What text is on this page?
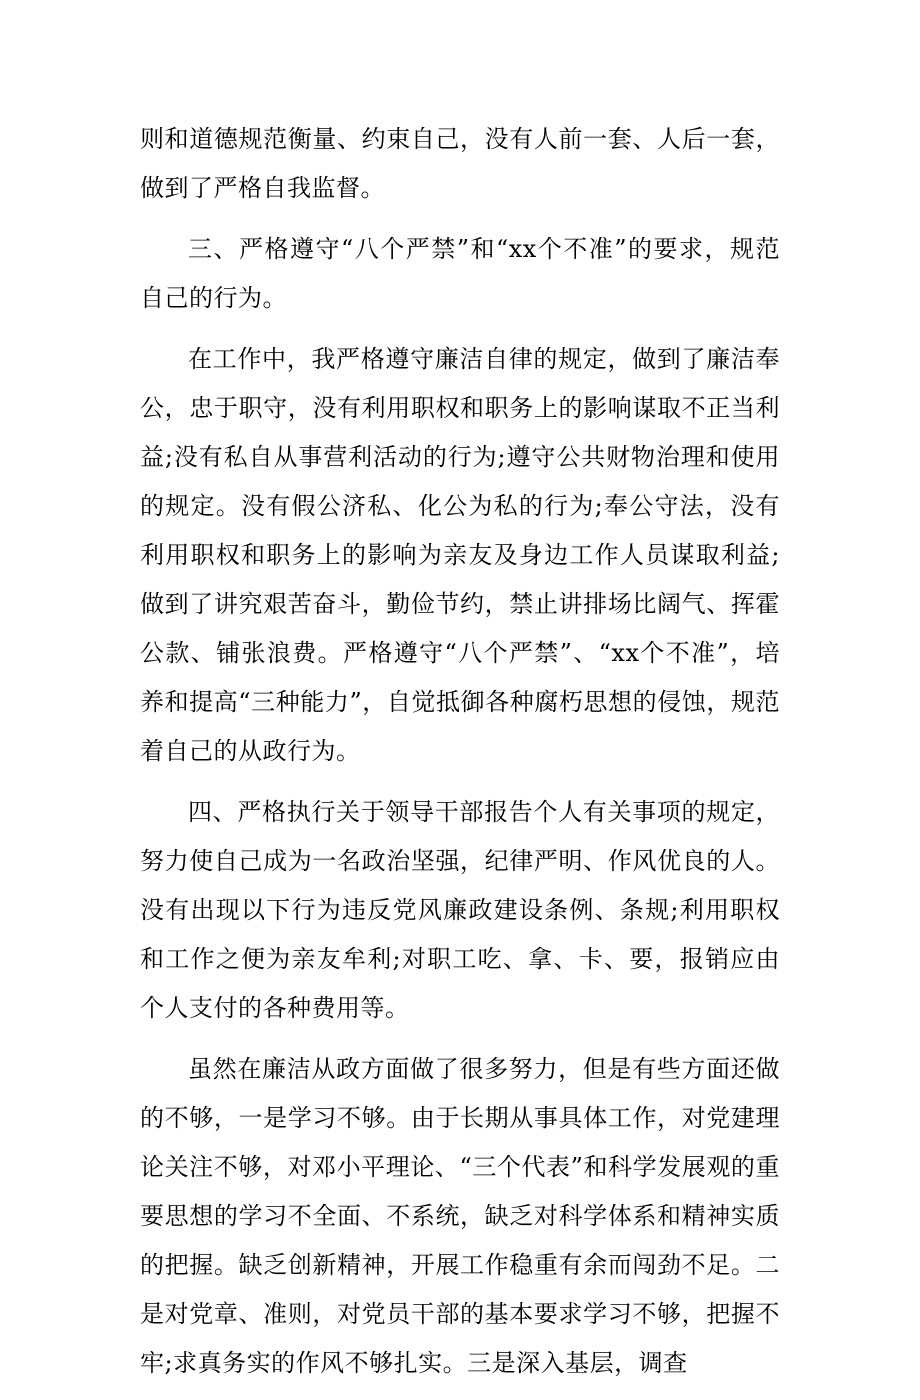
则和道德规范衡量、约束自己，没有人前一套、人后一套，做到了严格自我监督。

三、严格遵守“八个严禁”和“xx个不准”的要求，规范自己的行为。

在工作中，我严格遵守廉洁自律的规定，做到了廉洁奉公，忠于职守，没有利用职权和职务上的影响谋取不正当利益;没有私自从事营利活动的行为;遵守公共财物治理和使用的规定。没有假公济私、化公为私的行为;奉公守法，没有利用职权和职务上的影响为亲友及身边工作人员谋取利益;做到了讲究艰苦奋斗，勤俭节约，禁止讲排场比阔气、挥霍公款、铺张浪费。严格遵守“八个严禁”、“xx个不准”，培养和提高“三种能力”，自觉抵御各种腐朽思想的侵蚀，规范着自己的从政行为。

四、严格执行关于领导干部报告个人有关事项的规定，努力使自己成为一名政治坚强，纪律严明、作风优良的人。没有出现以下行为违反党风廉政建设条例、条规;利用职权和工作之便为亲友牟利;对职工吃、拿、卡、要，报销应由个人支付的各种费用等。

虽然在廉洁从政方面做了很多努力，但是有些方面还做的不够，一是学习不够。由于长期从事具体工作，对党建理论关注不够，对邓小平理论、“三个代表”和科学发展观的重要思想的学习不全面、不系统，缺乏对科学体系和精神实质的把握。缺乏创新精神，开展工作稳重有余而闯劲不足。二是对党章、准则，对党员干部的基本要求学习不够，把握不牢;求真务实的作风不够扎实。三是深入基层，调查
